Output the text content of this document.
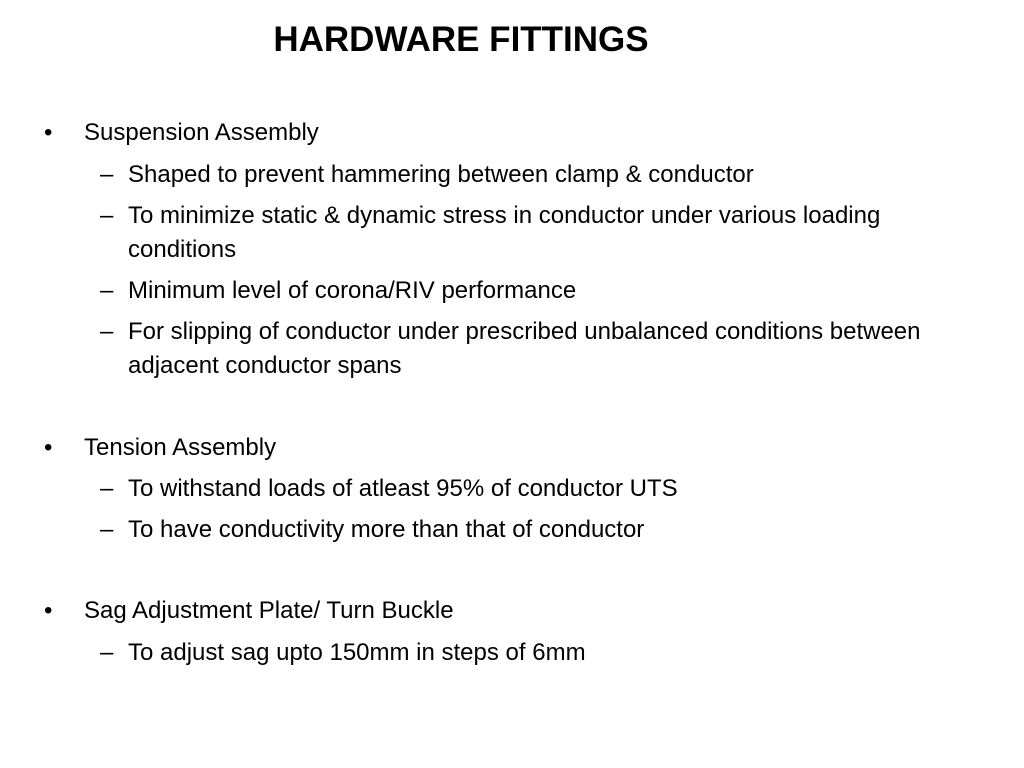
HARDWARE FITTINGS
• Suspension Assembly
– Shaped to prevent hammering between clamp & conductor
– To minimize static & dynamic stress in conductor under various loading conditions
– Minimum level of corona/RIV performance
– For slipping of conductor under prescribed unbalanced conditions between adjacent conductor spans
• Tension Assembly
– To withstand loads of atleast 95% of conductor UTS
– To have conductivity more than that of conductor
• Sag Adjustment Plate/ Turn Buckle
– To adjust sag upto 150mm in steps of 6mm
